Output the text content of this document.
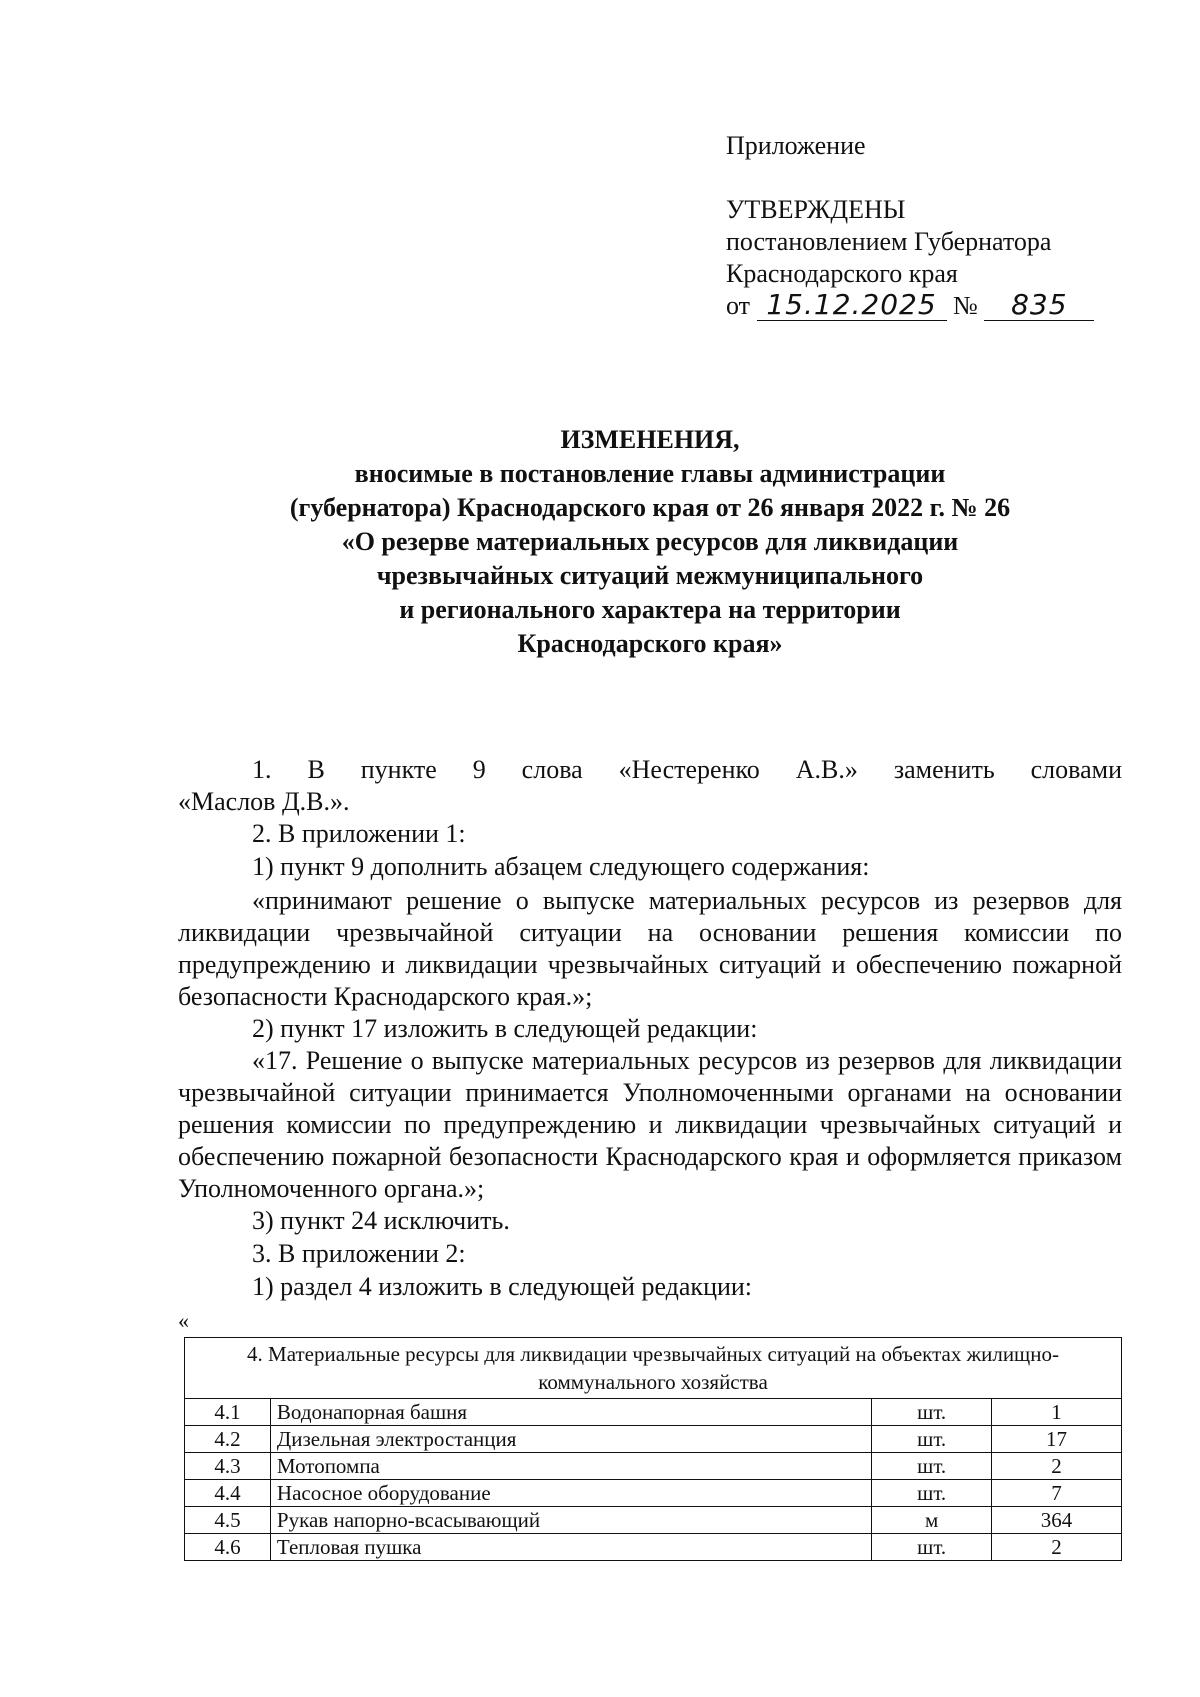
Приложение
УТВЕРЖДЕНЫ
постановлением Губернатора
Краснодарского края
от 15.12.2025 № 835
ИЗМЕНЕНИЯ,
вносимые в постановление главы администрации
(губернатора) Краснодарского края от 26 января 2022 г. № 26
«О резерве материальных ресурсов для ликвидации
чрезвычайных ситуаций межмуниципального
и регионального характера на территории
Краснодарского края»
1. В пункте 9 слова «Нестеренко А.В.» заменить словами
«Маслов Д.В.».
2. В приложении 1:
1) пункт 9 дополнить абзацем следующего содержания:
«принимают решение о выпуске материальных ресурсов из резервов для ликвидации чрезвычайной ситуации на основании решения комиссии по предупреждению и ликвидации чрезвычайных ситуаций и обеспечению пожарной безопасности Краснодарского края.»;
2) пункт 17 изложить в следующей редакции:
«17. Решение о выпуске материальных ресурсов из резервов для ликвидации чрезвычайной ситуации принимается Уполномоченными органами на основании решения комиссии по предупреждению и ликвидации чрезвычайных ситуаций и обеспечению пожарной безопасности Краснодарского края и оформляется приказом Уполномоченного органа.»;
3) пункт 24 исключить.
3. В приложении 2:
1) раздел 4 изложить в следующей редакции:
«
4. Материальные ресурсы для ликвидации чрезвычайных ситуаций на объектах жилищно-коммунального хозяйства			
4.1	Водонапорная башня	шт.	1
4.2	Дизельная электростанция	шт.	17
4.3	Мотопомпа	шт.	2
4.4	Насосное оборудование	шт.	7
4.5	Рукав напорно-всасывающий	м	364
4.6	Тепловая пушка	шт.	2
